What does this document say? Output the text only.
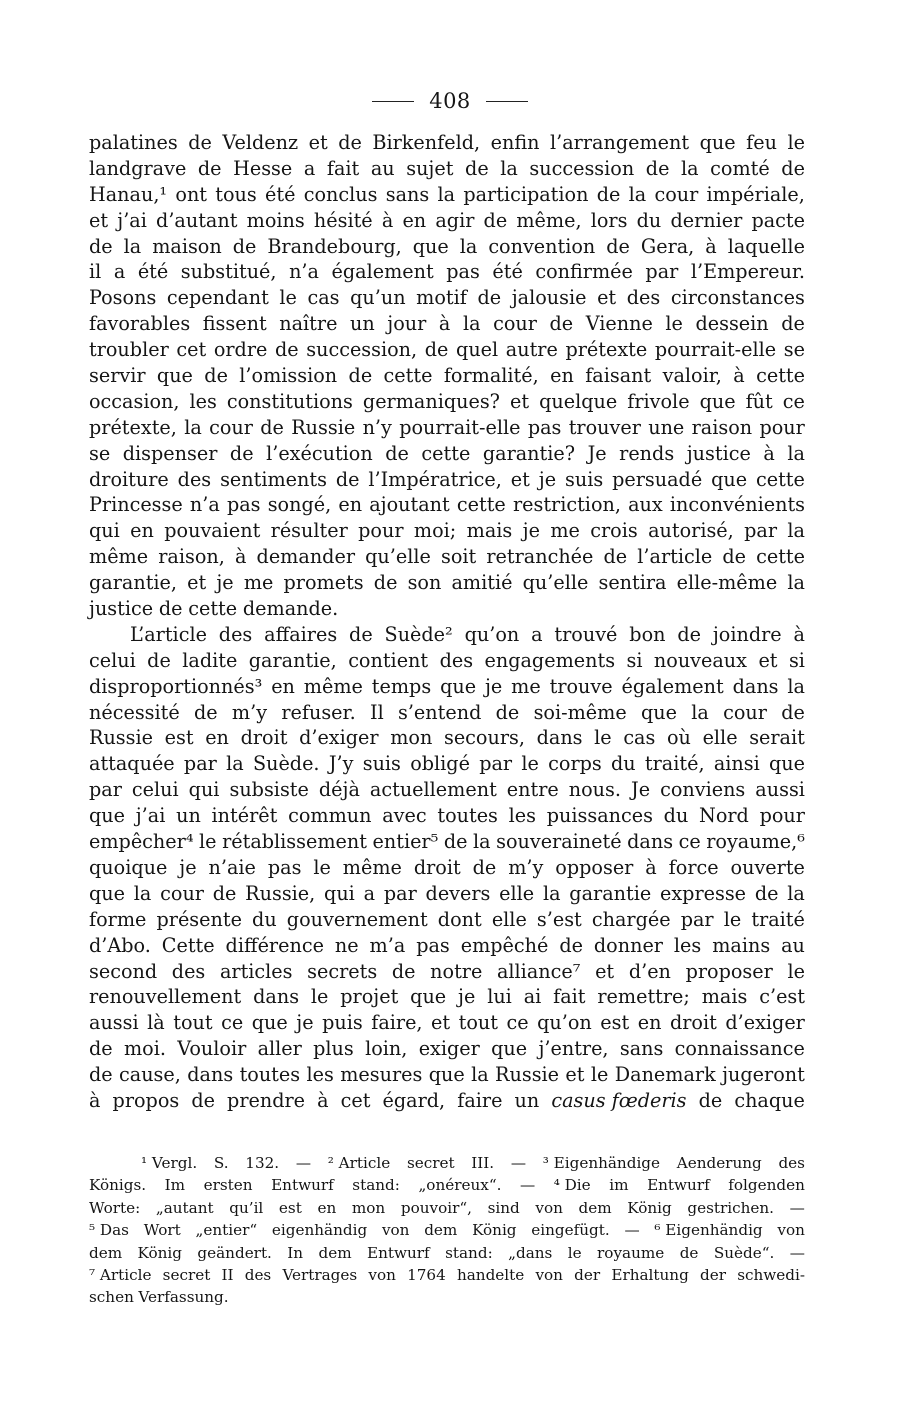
408
palatines de Veldenz et de Birkenfeld, enfin l’arrangement que feu le
landgrave de Hesse a fait au sujet de la succession de la comté de
Hanau,¹ ont tous été conclus sans la participation de la cour impériale,
et j’ai d’autant moins hésité à en agir de même, lors du dernier pacte
de la maison de Brandebourg, que la convention de Gera, à laquelle
il a été substitué, n’a également pas été confirmée par l’Empereur.
Posons cependant le cas qu’un motif de jalousie et des circonstances
favorables fissent naître un jour à la cour de Vienne le dessein de
troubler cet ordre de succession, de quel autre prétexte pourrait-elle se
servir que de l’omission de cette formalité, en faisant valoir, à cette
occasion, les constitutions germaniques? et quelque frivole que fût ce
prétexte, la cour de Russie n’y pourrait-elle pas trouver une raison pour
se dispenser de l’exécution de cette garantie? Je rends justice à la
droiture des sentiments de l’Impératrice, et je suis persuadé que cette
Princesse n’a pas songé, en ajoutant cette restriction, aux inconvénients
qui en pouvaient résulter pour moi; mais je me crois autorisé, par la
même raison, à demander qu’elle soit retranchée de l’article de cette
garantie, et je me promets de son amitié qu’elle sentira elle-même la
justice de cette demande.
L’article des affaires de Suède² qu’on a trouvé bon de joindre à
celui de ladite garantie, contient des engagements si nouveaux et si
disproportionnés³ en même temps que je me trouve également dans la
nécessité de m’y refuser. Il s’entend de soi-même que la cour de
Russie est en droit d’exiger mon secours, dans le cas où elle serait
attaquée par la Suède. J’y suis obligé par le corps du traité, ainsi que
par celui qui subsiste déjà actuellement entre nous. Je conviens aussi
que j’ai un intérêt commun avec toutes les puissances du Nord pour
empêcher⁴ le rétablissement entier⁵ de la souveraineté dans ce royaume,⁶
quoique je n’aie pas le même droit de m’y opposer à force ouverte
que la cour de Russie, qui a par devers elle la garantie expresse de la
forme présente du gouvernement dont elle s’est chargée par le traité
d’Abo. Cette différence ne m’a pas empêché de donner les mains au
second des articles secrets de notre alliance⁷ et d’en proposer le
renouvellement dans le projet que je lui ai fait remettre; mais c’est
aussi là tout ce que je puis faire, et tout ce qu’on est en droit d’exiger
de moi. Vouloir aller plus loin, exiger que j’entre, sans connaissance
de cause, dans toutes les mesures que la Russie et le Danemark jugeront
à propos de prendre à cet égard, faire un casus fœderis de chaque
¹ Vergl. S. 132. — ² Article secret III. — ³ Eigenhändige Aenderung des
Königs. Im ersten Entwurf stand: „onéreux“. — ⁴ Die im Entwurf folgenden
Worte: „autant qu’il est en mon pouvoir“, sind von dem König gestrichen. —
⁵ Das Wort „entier“ eigenhändig von dem König eingefügt. — ⁶ Eigenhändig von
dem König geändert. In dem Entwurf stand: „dans le royaume de Suède“. —
⁷ Article secret II des Vertrages von 1764 handelte von der Erhaltung der schwedi-
schen Verfassung.
